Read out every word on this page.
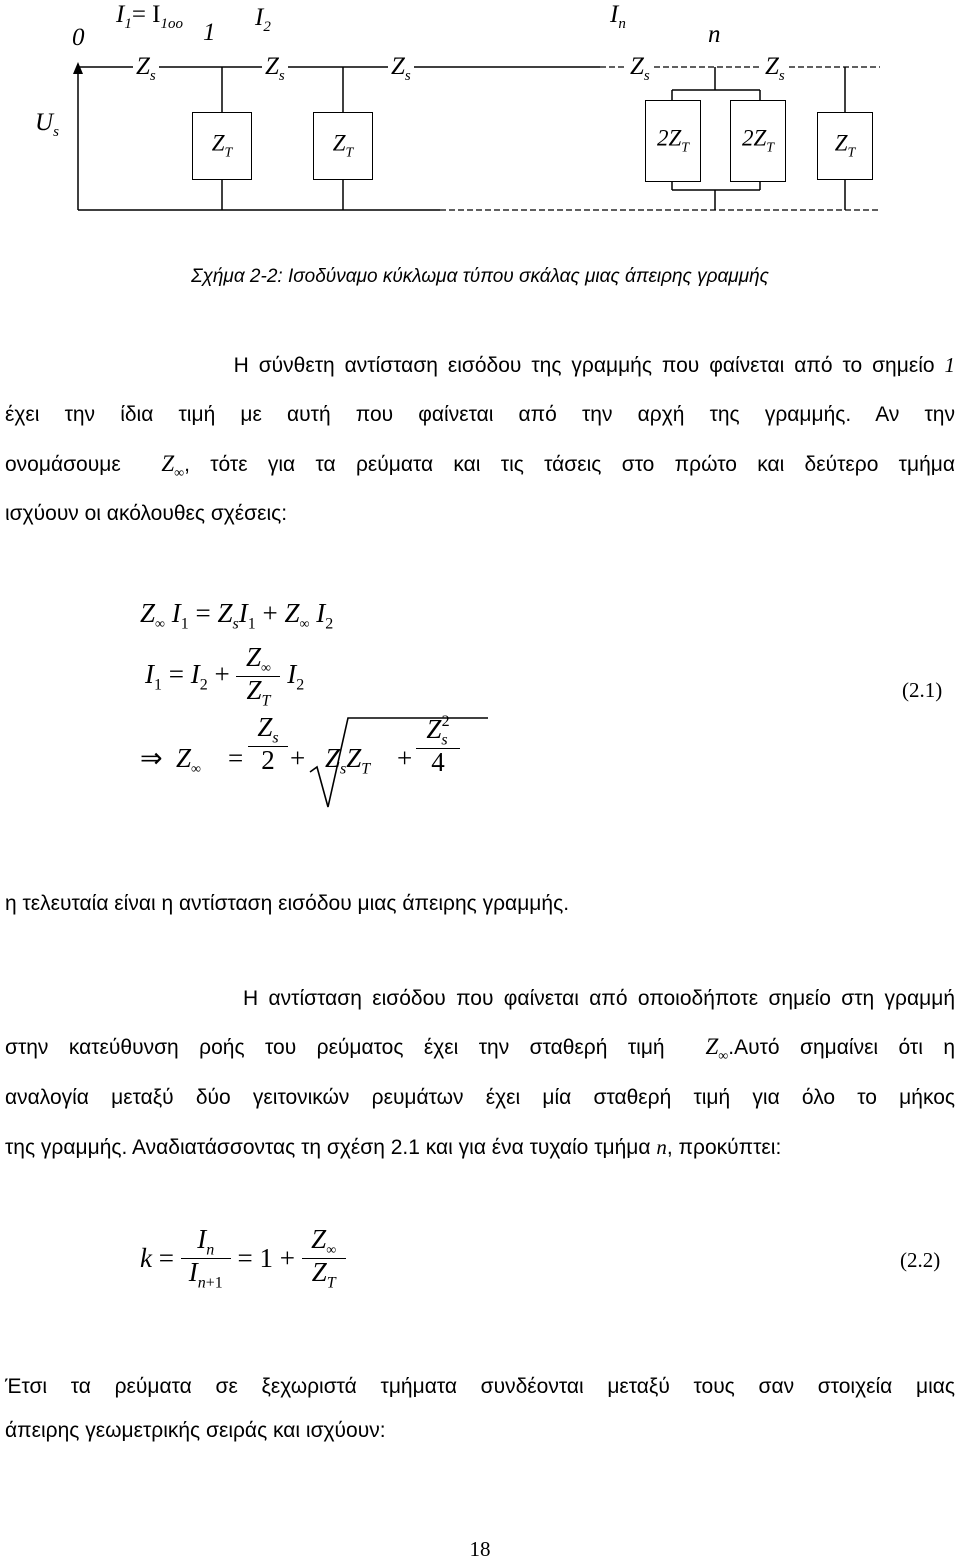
0	1	n
$I_1= I_{1oo}$	$I_2$	$I_n$
$U_s$
$Z_s$	$Z_s$	$Z_s$	$Z_s$	$Z_s$
$Z_T$	$Z_T$
$2Z_T$	$2Z_T$	$Z_T$
Σχήμα 2-2: Ισοδύναμο κύκλωμα τύπου σκάλας μιας άπειρης γραμμής

Η σύνθετη αντίσταση εισόδου της γραμμής που φαίνεται από το σημείο 1

έχει την ίδια τιμή με αυτή που φαίνεται από την αρχή της γραμμής. Αν την

ονομάσουμε $Z_\infty$, τότε για τα ρεύματα και τις τάσεις στο πρώτο και δεύτερο τμήμα

ισχύουν οι ακόλουθες σχέσεις:

$Z_\infty$ $I_1 = Z_sI_1 + Z_\infty$ $I_2$
$I_1 = I_2 + \frac{Z_\infty}{Z_T} I_2$
⇒ $Z_\infty = \frac{Z_s}{2} + Z_sZ_T + \frac{Z_s^2}{4}$
(2.1)

η τελευταία είναι η αντίσταση εισόδου μιας άπειρης γραμμής.

Η αντίσταση εισόδου που φαίνεται από οποιοδήποτε σημείο στη γραμμή

στην κατεύθυνση ροής του ρεύματος έχει την σταθερή τιμή $Z_\infty.A\upsilon\tau ό$ σημαίνει ότι η

αναλογία μεταξύ δύο γειτονικών ρευμάτων έχει μία σταθερή τιμή για όλο το μήκος

της γραμμής. Αναδιατάσσοντας τη σχέση 2.1 και για ένα τυχαίο τμήμα n, προκύπτει:

$k = \frac{I_n}{I_{n+1}} = 1 + \frac{Z_\infty}{Z_T}$	(2.2)

Έτσι τα ρεύματα σε ξεχωριστά τμήματα συνδέονται μεταξύ τους σαν στοιχεία μιας

άπειρης γεωμετρικής σειράς και ισχύουν:

18
